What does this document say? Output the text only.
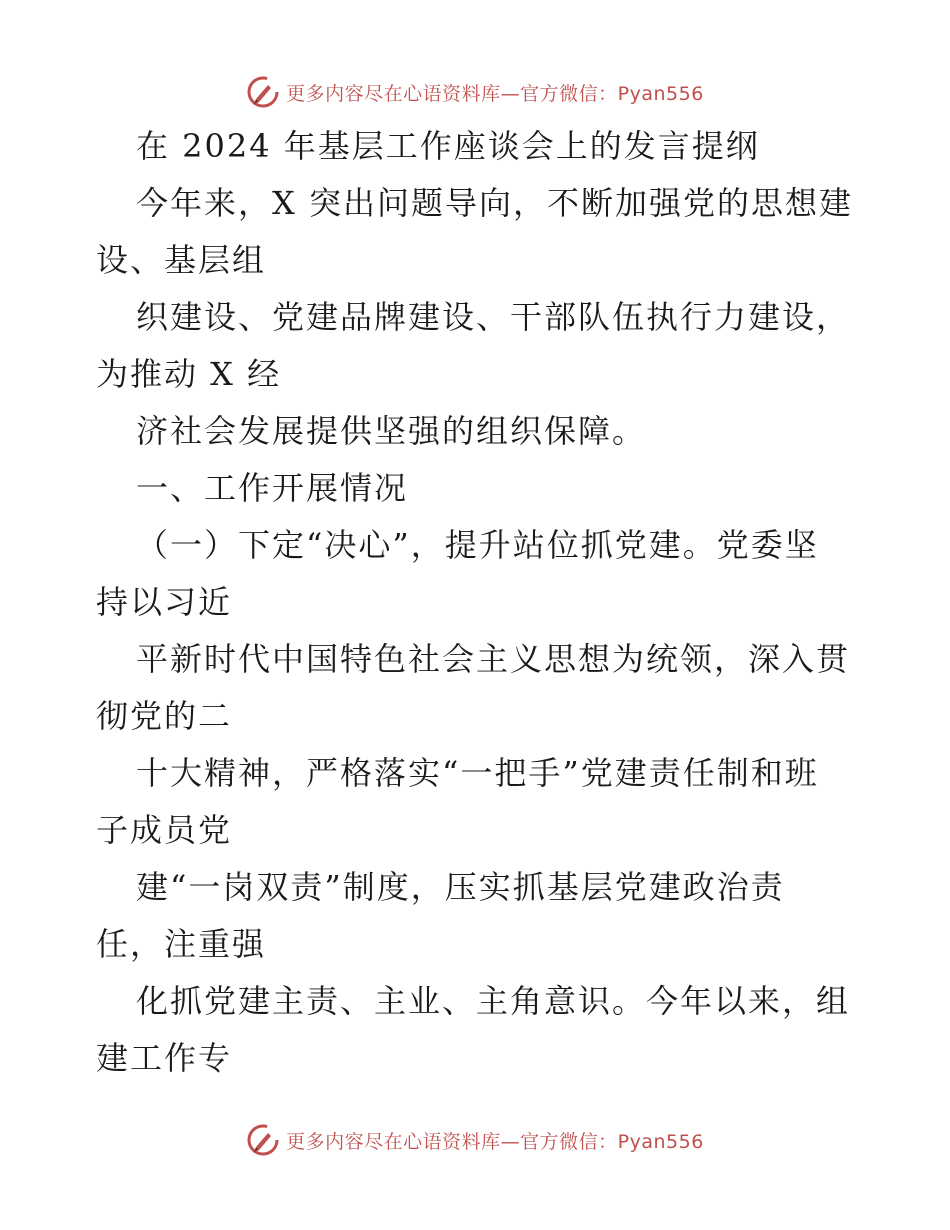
更多内容尽在心语资料库—官方微信：Pyan556
在 2024 年基层工作座谈会上的发言提纲
今年来，X 突出问题导向，不断加强党的思想建
设、基层组
织建设、党建品牌建设、干部队伍执行力建设，
为推动 X 经
济社会发展提供坚强的组织保障。
一、工作开展情况
（一）下定“决心”，提升站位抓党建。党委坚
持以习近
平新时代中国特色社会主义思想为统领，深入贯
彻党的二
十大精神，严格落实“一把手”党建责任制和班
子成员党
建“一岗双责”制度，压实抓基层党建政治责
任，注重强
化抓党建主责、主业、主角意识。今年以来，组
建工作专
更多内容尽在心语资料库—官方微信：Pyan556
